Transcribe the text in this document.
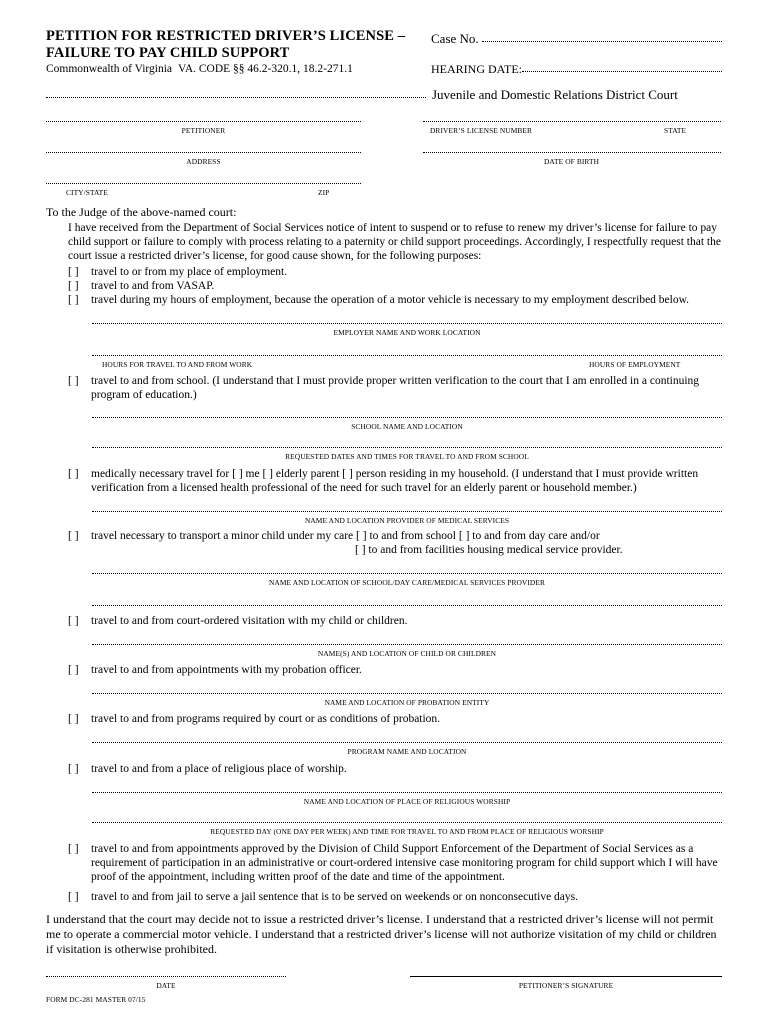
PETITION FOR RESTRICTED DRIVER’S LICENSE –
FAILURE TO PAY CHILD SUPPORT
Commonwealth of Virginia VA. CODE §§ 46.2-320.1, 18.2-271.1
Case No.
HEARING DATE:
Juvenile and Domestic Relations District Court
PETITIONER	DRIVER’S LICENSE NUMBER	STATE
ADDRESS	DATE OF BIRTH
CITY/STATE	ZIP
To the Judge of the above-named court:
I have received from the Department of Social Services notice of intent to suspend or to refuse to renew my driver’s license for failure to pay
child support or failure to comply with process relating to a paternity or child support proceedings. Accordingly, I respectfully request that the
court issue a restricted driver’s license, for good cause shown, for the following purposes:
[ ] travel to or from my place of employment.
[ ] travel to and from VASAP.
[ ] travel during my hours of employment, because the operation of a motor vehicle is necessary to my employment described below.
EMPLOYER NAME AND WORK LOCATION
HOURS FOR TRAVEL TO AND FROM WORK	HOURS OF EMPLOYMENT
[ ] travel to and from school. (I understand that I must provide proper written verification to the court that I am enrolled in a continuing
program of education.)
SCHOOL NAME AND LOCATION
REQUESTED DATES AND TIMES FOR TRAVEL TO AND FROM SCHOOL
[ ] medically necessary travel for [ ] me [ ] elderly parent [ ] person residing in my household. (I understand that I must provide written
verification from a licensed health professional of the need for such travel for an elderly parent or household member.)
NAME AND LOCATION PROVIDER OF MEDICAL SERVICES
[ ] travel necessary to transport a minor child under my care [ ] to and from school [ ] to and from day care and/or
[ ] to and from facilities housing medical service provider.
NAME AND LOCATION OF SCHOOL/DAY CARE/MEDICAL SERVICES PROVIDER
[ ] travel to and from court-ordered visitation with my child or children.
NAME(S) AND LOCATION OF CHILD OR CHILDREN
[ ] travel to and from appointments with my probation officer.
NAME AND LOCATION OF PROBATION ENTITY
[ ] travel to and from programs required by court or as conditions of probation.
PROGRAM NAME AND LOCATION
[ ] travel to and from a place of religious place of worship.
NAME AND LOCATION OF PLACE OF RELIGIOUS WORSHIP
REQUESTED DAY (ONE DAY PER WEEK) AND TIME FOR TRAVEL TO AND FROM PLACE OF RELIGIOUS WORSHIP
[ ] travel to and from appointments approved by the Division of Child Support Enforcement of the Department of Social Services as a
requirement of participation in an administrative or court-ordered intensive case monitoring program for child support which I will have
proof of the appointment, including written proof of the date and time of the appointment.
[ ] travel to and from jail to serve a jail sentence that is to be served on weekends or on nonconsecutive days.
I understand that the court may decide not to issue a restricted driver’s license. I understand that a restricted driver’s license will not permit
me to operate a commercial motor vehicle. I understand that a restricted driver’s license will not authorize visitation of my child or children
if visitation is otherwise prohibited.
DATE	PETITIONER’S SIGNATURE
FORM DC-281 MASTER 07/15
